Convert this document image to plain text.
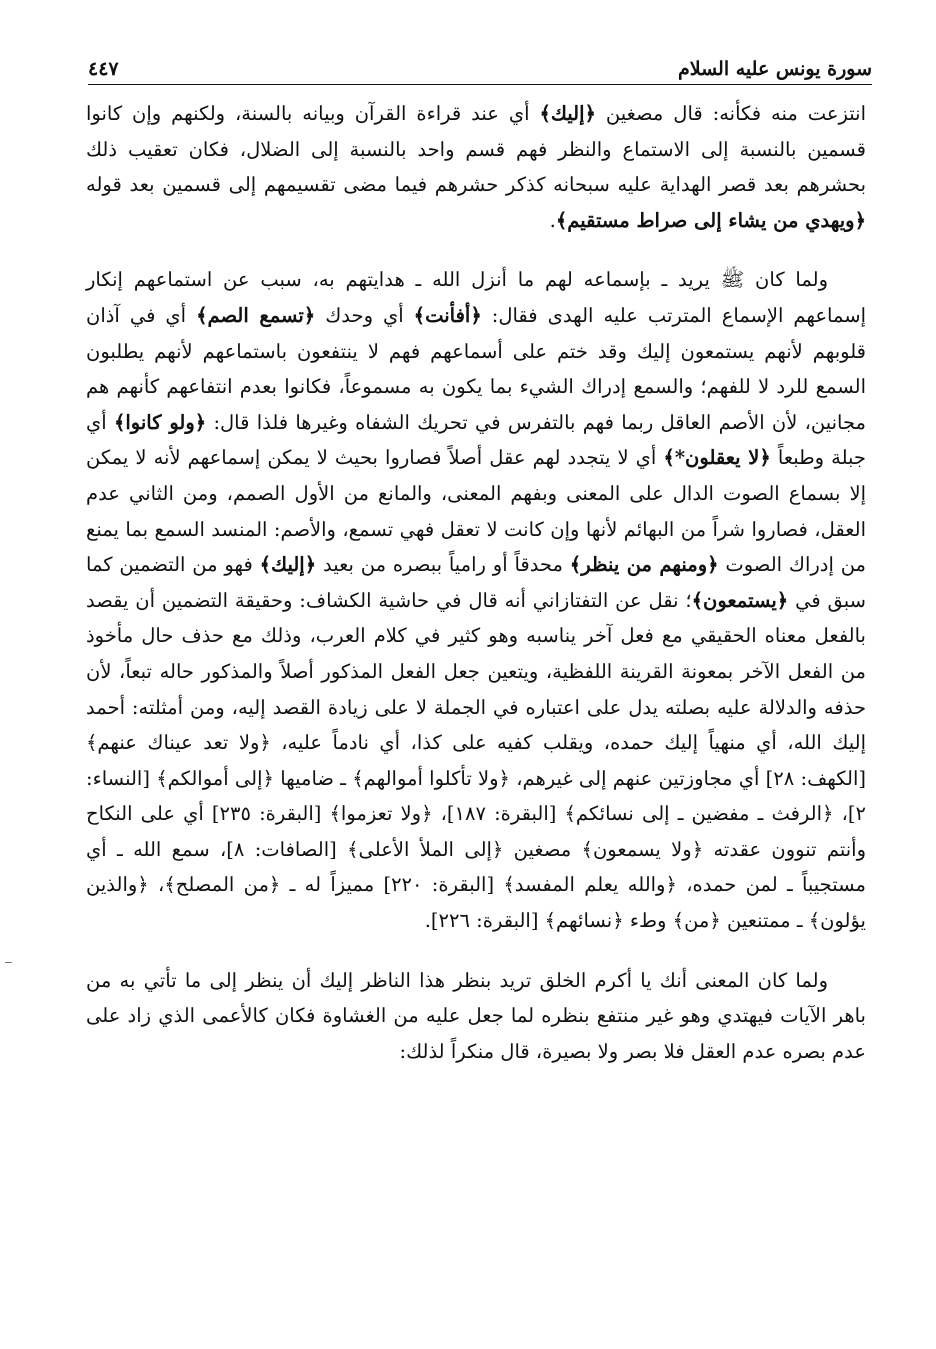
سورة يونس عليه السلام
٤٤٧

انتزعت منه فكأنه: قال مصغين ﴿إليك﴾ أي عند قراءة القرآن وبيانه بالسنة، ولكنهم وإن كانوا قسمين بالنسبة إلى الاستماع والنظر فهم قسم واحد بالنسبة إلى الضلال، فكان تعقيب ذلك بحشرهم بعد قصر الهداية عليه سبحانه كذكر حشرهم فيما مضى تقسيمهم إلى قسمين بعد قوله ﴿ويهدي من يشاء إلى صراط مستقيم﴾.

ولما كان ﷺ يريد ـ بإسماعه لهم ما أنزل الله ـ هدايتهم به، سبب عن استماعهم إنكار إسماعهم الإسماع المترتب عليه الهدى فقال: ﴿أفأنت﴾ أي وحدك ﴿تسمع الصم﴾ أي في آذان قلوبهم لأنهم يستمعون إليك وقد ختم على أسماعهم فهم لا ينتفعون باستماعهم لأنهم يطلبون السمع للرد لا للفهم؛ والسمع إدراك الشيء بما يكون به مسموعاً، فكانوا بعدم انتفاعهم كأنهم هم مجانين، لأن الأصم العاقل ربما فهم بالتفرس في تحريك الشفاه وغيرها فلذا قال: ﴿ولو كانوا﴾ أي جبلة وطبعاً ﴿لا يعقلون*﴾ أي لا يتجدد لهم عقل أصلاً فصاروا بحيث لا يمكن إسماعهم لأنه لا يمكن إلا بسماع الصوت الدال على المعنى وبفهم المعنى، والمانع من الأول الصمم، ومن الثاني عدم العقل، فصاروا شراً من البهائم لأنها وإن كانت لا تعقل فهي تسمع، والأصم: المنسد السمع بما يمنع من إدراك الصوت ﴿ومنهم من ينظر﴾ محدقاً أو رامياً ببصره من بعيد ﴿إليك﴾ فهو من التضمين كما سبق في ﴿يستمعون﴾؛ نقل عن التفتازاني أنه قال في حاشية الكشاف: وحقيقة التضمين أن يقصد بالفعل معناه الحقيقي مع فعل آخر يناسبه وهو كثير في كلام العرب، وذلك مع حذف حال مأخوذ من الفعل الآخر بمعونة القرينة اللفظية، ويتعين جعل الفعل المذكور أصلاً والمذكور حاله تبعاً، لأن حذفه والدلالة عليه بصلته يدل على اعتباره في الجملة لا على زيادة القصد إليه، ومن أمثلته: أحمد إليك الله، أي منهياً إليك حمده، ويقلب كفيه على كذا، أي نادماً عليه، ﴿ولا تعد عيناك عنهم﴾ [الكهف: ٢٨] أي مجاوزتين عنهم إلى غيرهم، ﴿ولا تأكلوا أموالهم﴾ ـ ضاميها ﴿إلى أموالكم﴾ [النساء: ٢]، ﴿الرفث ـ مفضين ـ إلى نسائكم﴾ [البقرة: ١٨٧]، ﴿ولا تعزموا﴾ [البقرة: ٢٣٥] أي على النكاح وأنتم تنوون عقدته ﴿ولا يسمعون﴾ مصغين ﴿إلى الملأ الأعلى﴾ [الصافات: ٨]، سمع الله ـ أي مستجيباً ـ لمن حمده، ﴿والله يعلم المفسد﴾ [البقرة: ٢٢٠] مميزاً له ـ ﴿من المصلح﴾، ﴿والذين يؤلون﴾ ـ ممتنعين ﴿من﴾ وطء ﴿نسائهم﴾ [البقرة: ٢٢٦].

ولما كان المعنى أنك يا أكرم الخلق تريد بنظر هذا الناظر إليك أن ينظر إلى ما تأتي به من باهر الآيات فيهتدي وهو غير منتفع بنظره لما جعل عليه من الغشاوة فكان كالأعمى الذي زاد على عدم بصره عدم العقل فلا بصر ولا بصيرة، قال منكراً لذلك:
